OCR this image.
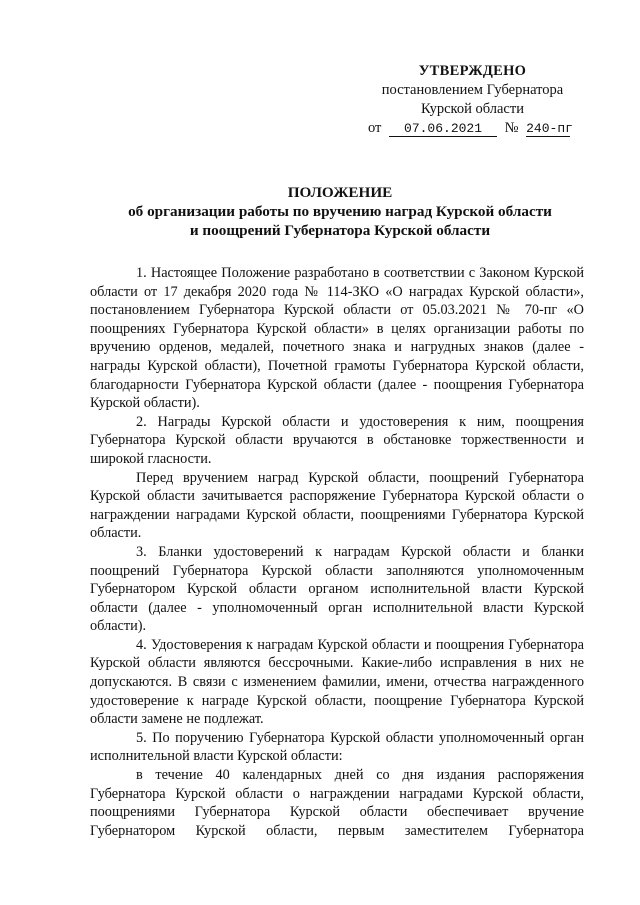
УТВЕРЖДЕНО
постановлением Губернатора
Курской области
от 07.06.2021 № 240-пг
ПОЛОЖЕНИЕ
об организации работы по вручению наград Курской области
и поощрений Губернатора Курской области

1. Настоящее Положение разработано в соответствии с Законом Курской области от 17 декабря 2020 года № 114-ЗКО «О наградах Курской области», постановлением Губернатора Курской области от 05.03.2021 № 70-пг «О поощрениях Губернатора Курской области» в целях организации работы по вручению орденов, медалей, почетного знака и нагрудных знаков (далее - награды Курской области), Почетной грамоты Губернатора Курской области, благодарности Губернатора Курской области (далее - поощрения Губернатора Курской области).

2. Награды Курской области и удостоверения к ним, поощрения Губернатора Курской области вручаются в обстановке торжественности и широкой гласности.

Перед вручением наград Курской области, поощрений Губернатора Курской области зачитывается распоряжение Губернатора Курской области о награждении наградами Курской области, поощрениями Губернатора Курской области.

3. Бланки удостоверений к наградам Курской области и бланки поощрений Губернатора Курской области заполняются уполномоченным Губернатором Курской области органом исполнительной власти Курской области (далее - уполномоченный орган исполнительной власти Курской области).

4. Удостоверения к наградам Курской области и поощрения Губернатора Курской области являются бессрочными. Какие-либо исправления в них не допускаются. В связи с изменением фамилии, имени, отчества награжденного удостоверение к награде Курской области, поощрение Губернатора Курской области замене не подлежат.

5. По поручению Губернатора Курской области уполномоченный орган исполнительной власти Курской области:

в течение 40 календарных дней со дня издания распоряжения Губернатора Курской области о награждении наградами Курской области, поощрениями Губернатора Курской области обеспечивает вручение Губернатором Курской области, первым заместителем Губернатора
